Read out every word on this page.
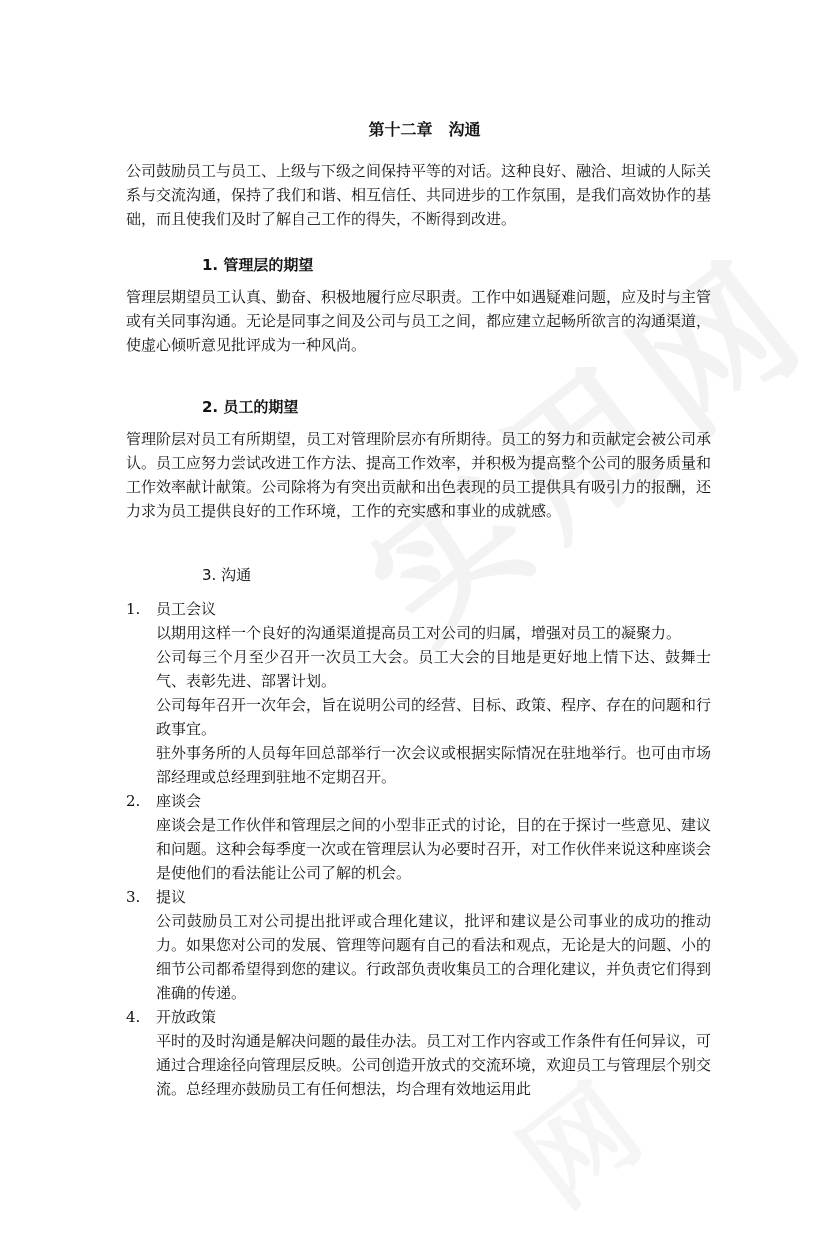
第十二章　沟通

公司鼓励员工与员工、上级与下级之间保持平等的对话。这种良好、融洽、坦诚的人际关系与交流沟通，保持了我们和谐、相互信任、共同进步的工作氛围，是我们高效协作的基础，而且使我们及时了解自己工作的得失，不断得到改进。

1. 管理层的期望

管理层期望员工认真、勤奋、积极地履行应尽职责。工作中如遇疑难问题，应及时与主管或有关同事沟通。无论是同事之间及公司与员工之间，都应建立起畅所欲言的沟通渠道，使虚心倾听意见批评成为一种风尚。

2. 员工的期望

管理阶层对员工有所期望，员工对管理阶层亦有所期待。员工的努力和贡献定会被公司承认。员工应努力尝试改进工作方法、提高工作效率，并积极为提高整个公司的服务质量和工作效率献计献策。公司除将为有突出贡献和出色表现的员工提供具有吸引力的报酬，还力求为员工提供良好的工作环境，工作的充实感和事业的成就感。

3. 沟通
1. 员工会议

以期用这样一个良好的沟通渠道提高员工对公司的归属，增强对员工的凝聚力。

公司每三个月至少召开一次员工大会。员工大会的目地是更好地上情下达、鼓舞士气、表彰先进、部署计划。

公司每年召开一次年会，旨在说明公司的经营、目标、政策、程序、存在的问题和行政事宜。

驻外事务所的人员每年回总部举行一次会议或根据实际情况在驻地举行。也可由市场部经理或总经理到驻地不定期召开。

2. 座谈会

座谈会是工作伙伴和管理层之间的小型非正式的讨论，目的在于探讨一些意见、建议和问题。这种会每季度一次或在管理层认为必要时召开，对工作伙伴来说这种座谈会是使他们的看法能让公司了解的机会。

3. 提议

公司鼓励员工对公司提出批评或合理化建议，批评和建议是公司事业的成功的推动力。如果您对公司的发展、管理等问题有自己的看法和观点，无论是大的问题、小的细节公司都希望得到您的建议。行政部负责收集员工的合理化建议，并负责它们得到准确的传递。

4. 开放政策

平时的及时沟通是解决问题的最佳办法。员工对工作内容或工作条件有任何异议，可通过合理途径向管理层反映。公司创造开放式的交流环境，欢迎员工与管理层个别交流。总经理亦鼓励员工有任何想法，均合理有效地运用此
